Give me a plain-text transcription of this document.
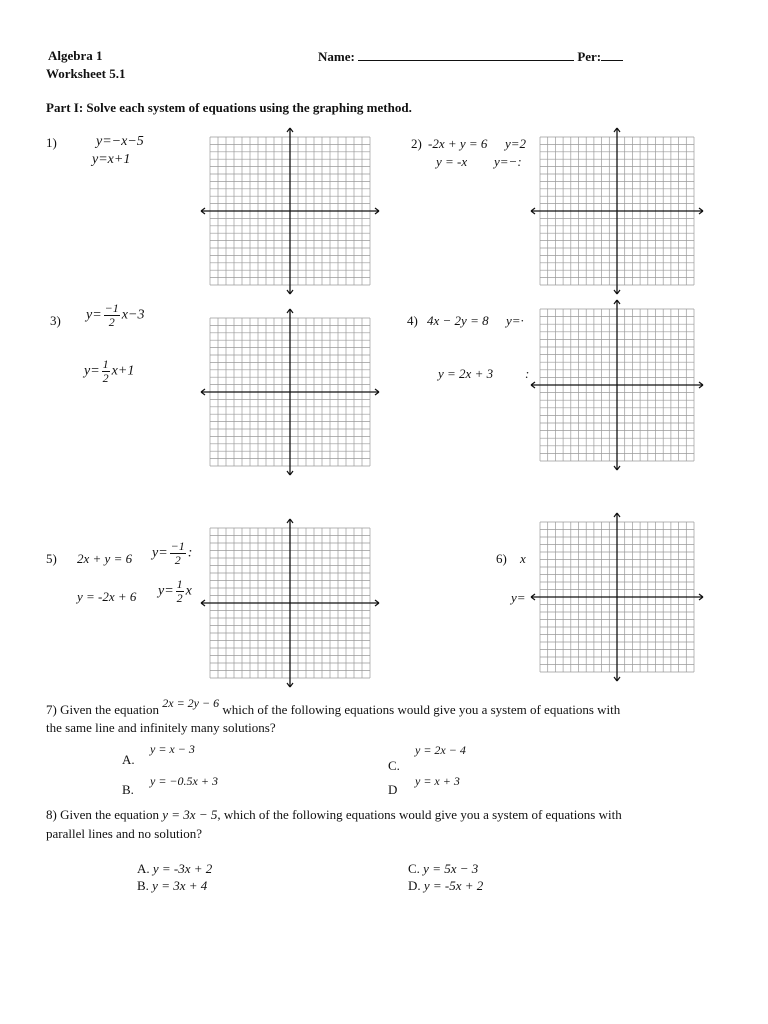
Algebra 1
Worksheet 5.1
Name:	Per:
Part I: Solve each system of equations using the graphing method.
1)	y=−x−5
y=x+1
2) -2x + y = 6 y=2
y = -x y=−:
3) $y= \frac{-1}{2} x-3$
$y= \frac{1}{2} x+1$
4) 4x − 2y = 8 y=·
y = 2x + 3 :
5) 2x + y = 6 $y= \frac{-1}{2}$ :
y = -2x + 6 $y= \frac{1}{2}$ x
6) x
y=
7) Given the equation 2x = 2y − 6 which of the following equations would give you a system of equations with
the same line and infinitely many solutions?
A.
y = x − 3
B.
y = −0.5x + 3
C.
y = 2x − 4
D
y = x + 3
8) Given the equation y = 3x − 5, which of the following equations would give you a system of equations with
parallel lines and no solution?
A. y = -3x + 2
B. y = 3x + 4
C. y = 5x − 3
D. y = -5x + 2
